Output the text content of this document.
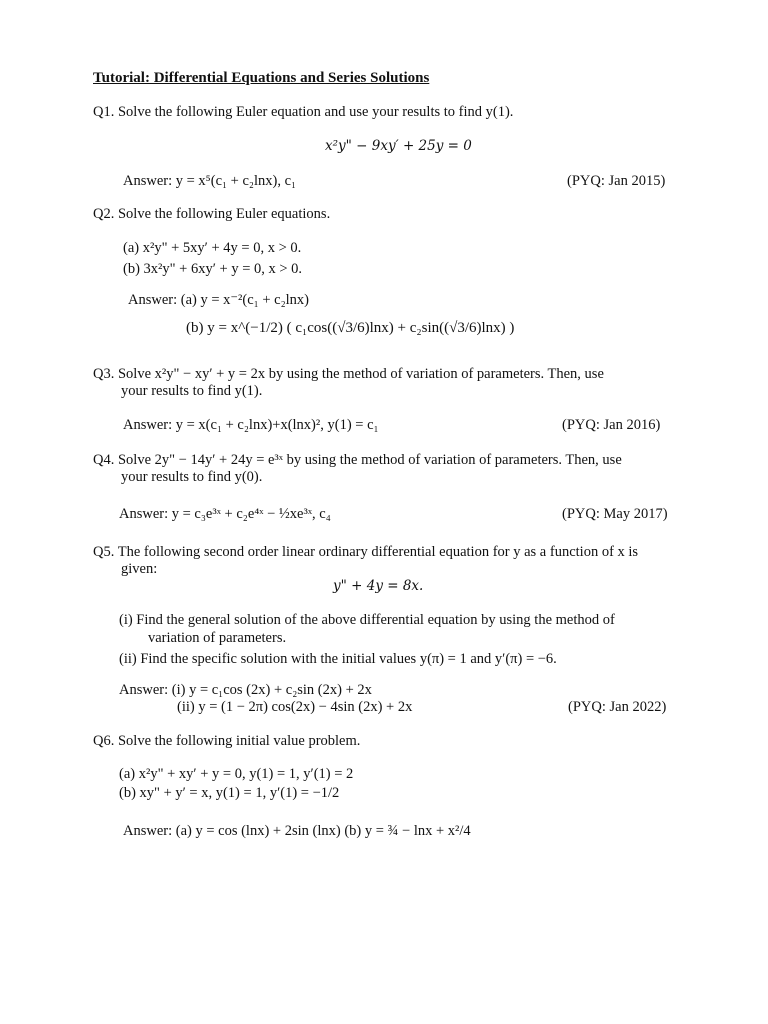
Tutorial: Differential Equations and Series Solutions
Q1. Solve the following Euler equation and use your results to find y(1).
x²y" − 9xy′ + 25y = 0
Answer: y = x⁵(c₁ + c₂lnx), c₁	(PYQ: Jan 2015)
Q2. Solve the following Euler equations.
(a) x²y" + 5xy′ + 4y = 0, x > 0.
(b) 3x²y" + 6xy′ + y = 0, x > 0.
Answer: (a) y = x⁻²(c₁ + c₂lnx)
(b) y = x^(−1/2) ( c₁cos((√3/6)lnx) + c₂sin((√3/6)lnx) )
Q3. Solve x²y" − xy′ + y = 2x by using the method of variation of parameters. Then, use
your results to find y(1).
Answer: y = x(c₁ + c₂lnx)+x(lnx)², y(1) = c₁	(PYQ: Jan 2016)
Q4. Solve 2y" − 14y′ + 24y = e³ˣ by using the method of variation of parameters. Then, use
your results to find y(0).
Answer: y = c₃e³ˣ + c₂e⁴ˣ − ½xe³ˣ, c₄	(PYQ: May 2017)
Q5. The following second order linear ordinary differential equation for y as a function of x is
given:
y" + 4y = 8x.
(i) Find the general solution of the above differential equation by using the method of
variation of parameters.
(ii) Find the specific solution with the initial values y(π) = 1 and y′(π) = −6.
Answer: (i) y = c₁cos (2x) + c₂sin (2x) + 2x
(ii) y = (1 − 2π) cos(2x) − 4sin (2x) + 2x	(PYQ: Jan 2022)
Q6. Solve the following initial value problem.
(a) x²y" + xy′ + y = 0, y(1) = 1, y′(1) = 2
(b) xy" + y′ = x, y(1) = 1, y′(1) = −1/2
Answer: (a) y = cos (lnx) + 2sin (lnx) (b) y = ¾ − lnx + x²/4
